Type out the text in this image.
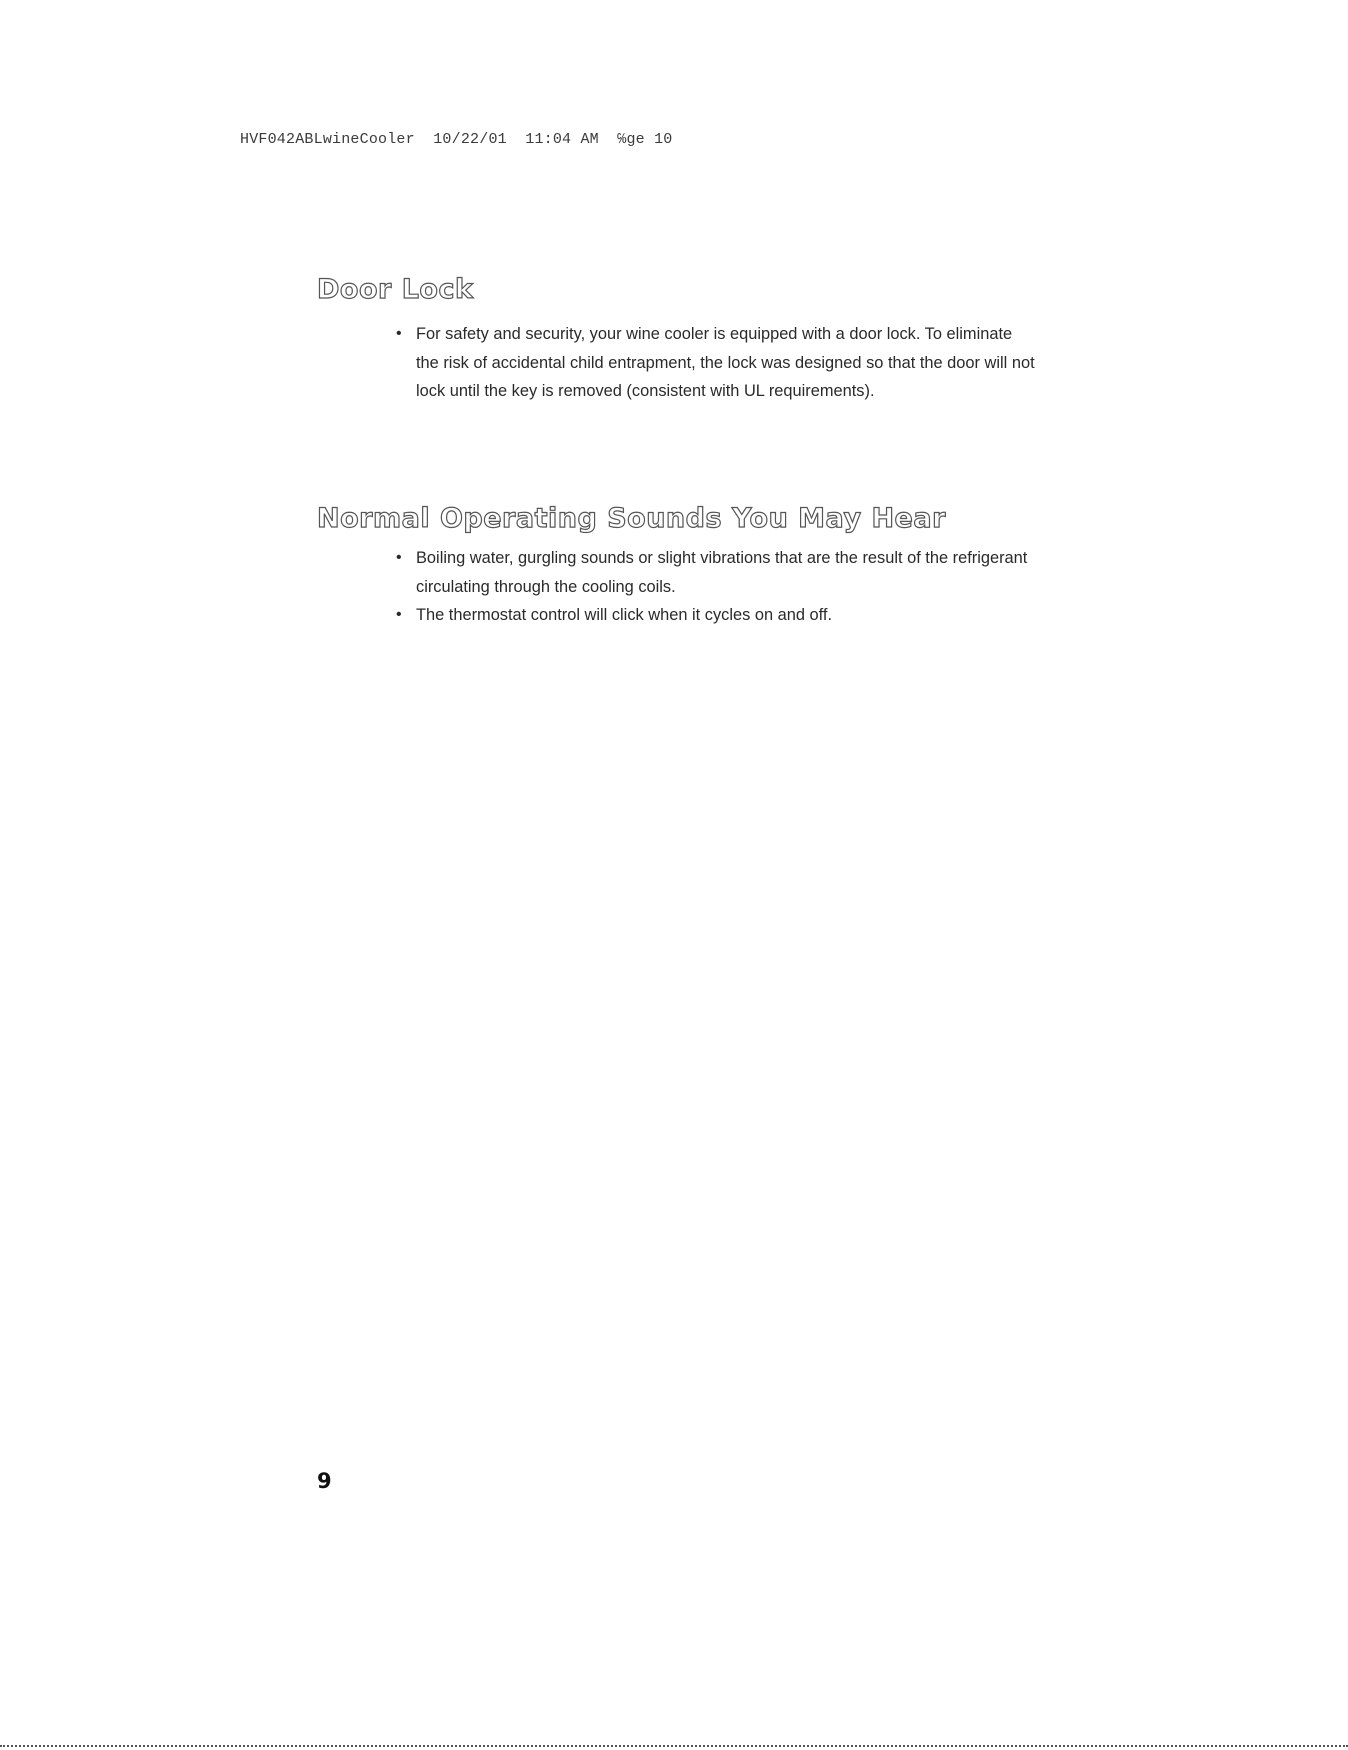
HVF042ABLwineCooler  10/22/01  11:04 AM  ℅ge 10
Door Lock
• For safety and security, your wine cooler is equipped with a door lock. To eliminate the risk of accidental child entrapment, the lock was designed so that the door will not lock until the key is removed (consistent with UL requirements).
Normal Operating Sounds You May Hear
• Boiling water, gurgling sounds or slight vibrations that are the result of the refrigerant circulating through the cooling coils.
• The thermostat control will click when it cycles on and off.
9
